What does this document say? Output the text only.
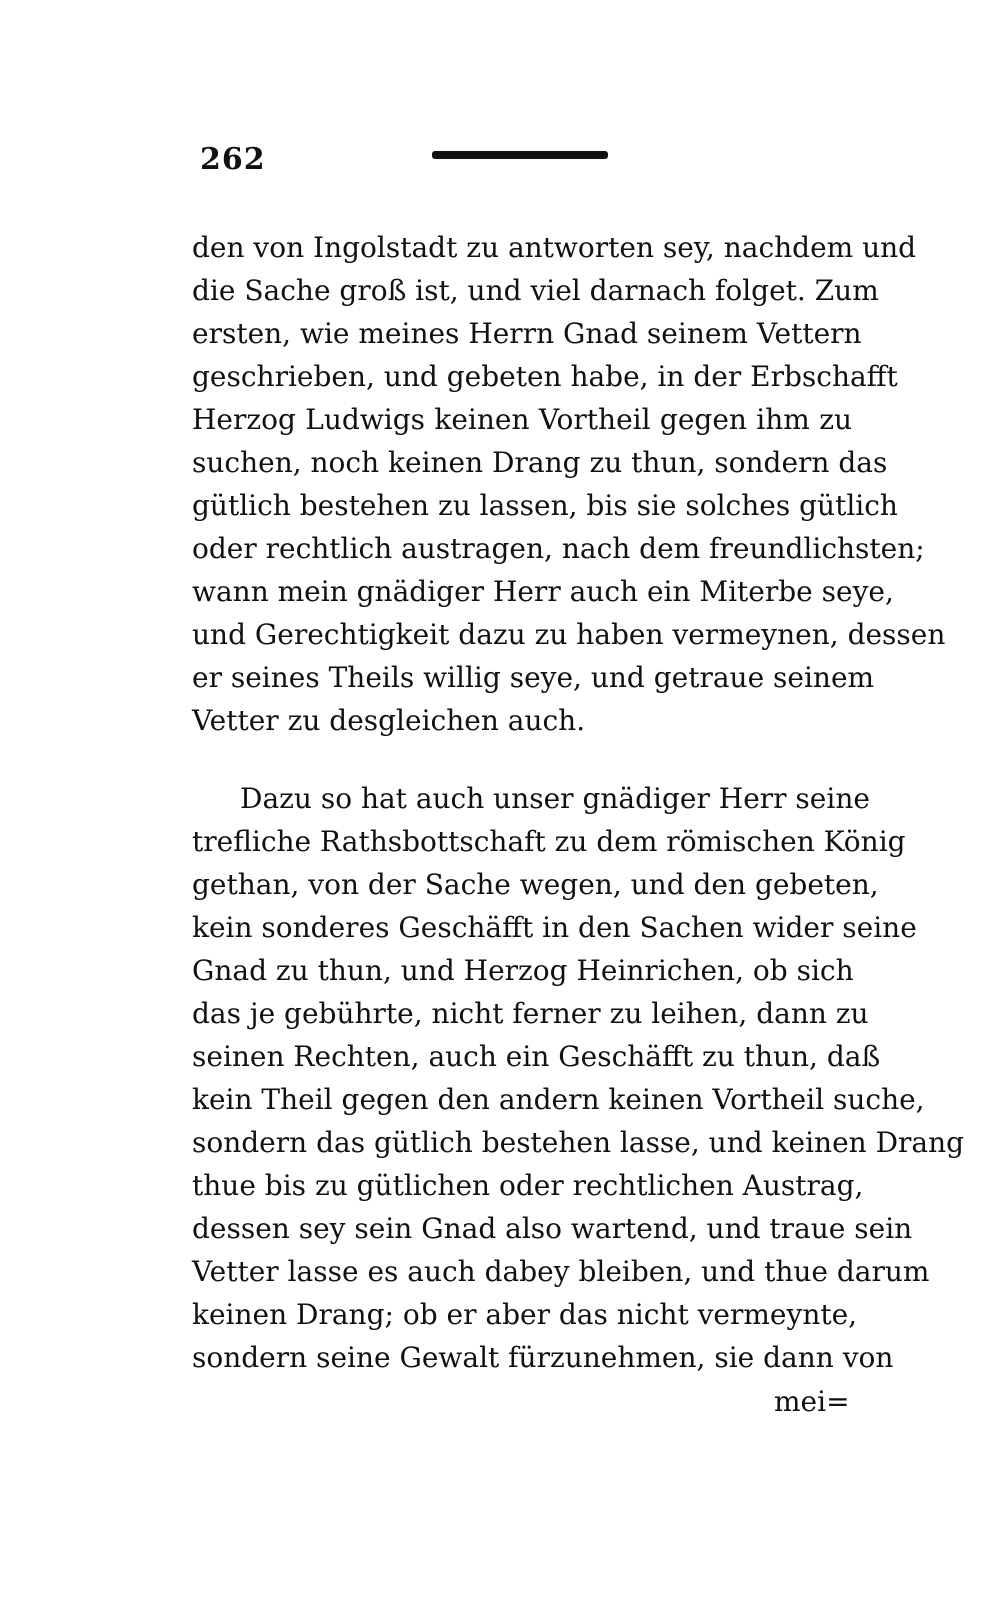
262
den von Ingolstadt zu antworten sey, nachdem und
die Sache groß ist, und viel darnach folget. Zum
ersten, wie meines Herrn Gnad seinem Vettern
geschrieben, und gebeten habe, in der Erbschafft
Herzog Ludwigs keinen Vortheil gegen ihm zu
suchen, noch keinen Drang zu thun, sondern das
gütlich bestehen zu lassen, bis sie solches gütlich
oder rechtlich austragen, nach dem freundlichsten;
wann mein gnädiger Herr auch ein Miterbe seye,
und Gerechtigkeit dazu zu haben vermeynen, dessen
er seines Theils willig seye, und getraue seinem
Vetter zu desgleichen auch.
Dazu so hat auch unser gnädiger Herr seine
trefliche Rathsbottschaft zu dem römischen König
gethan, von der Sache wegen, und den gebeten,
kein sonderes Geschäfft in den Sachen wider seine
Gnad zu thun, und Herzog Heinrichen, ob sich
das je gebührte, nicht ferner zu leihen, dann zu
seinen Rechten, auch ein Geschäfft zu thun, daß
kein Theil gegen den andern keinen Vortheil suche,
sondern das gütlich bestehen lasse, und keinen Drang
thue bis zu gütlichen oder rechtlichen Austrag,
dessen sey sein Gnad also wartend, und traue sein
Vetter lasse es auch dabey bleiben, und thue darum
keinen Drang; ob er aber das nicht vermeynte,
sondern seine Gewalt fürzunehmen, sie dann von
mei=
